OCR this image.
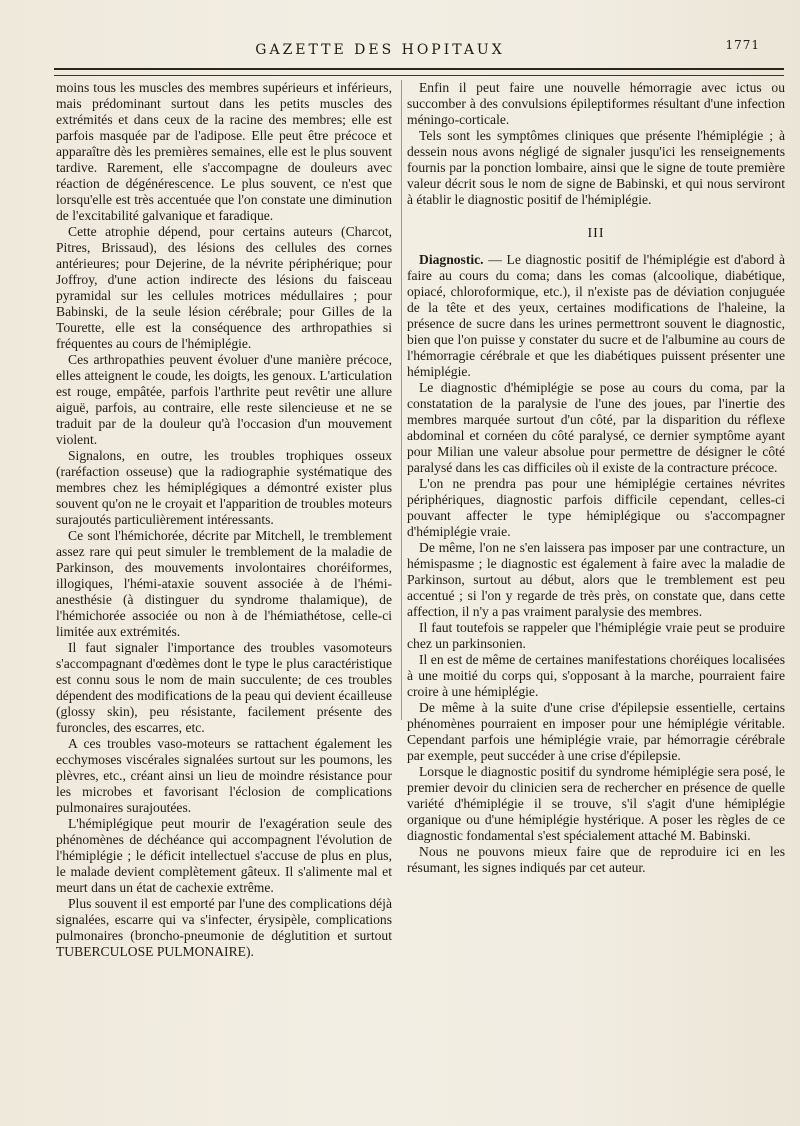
GAZETTE DES HOPITAUX	1771

moins tous les muscles des membres supérieurs et inférieurs, mais prédominant surtout dans les petits muscles des extrémités et dans ceux de la racine des membres; elle est parfois masquée par de l'adipose. Elle peut être précoce et apparaître dès les premières semaines, elle est le plus souvent tardive. Rarement, elle s'accompagne de douleurs avec réaction de dégénérescence. Le plus souvent, ce n'est que lorsqu'elle est très accentuée que l'on constate une diminution de l'excitabilité galvanique et faradique.

Cette atrophie dépend, pour certains auteurs (Charcot, Pitres, Brissaud), des lésions des cellules des cornes antérieures; pour Dejerine, de la névrite périphérique; pour Joffroy, d'une action indirecte des lésions du faisceau pyramidal sur les cellules motrices médullaires ; pour Babinski, de la seule lésion cérébrale; pour Gilles de la Tourette, elle est la conséquence des arthropathies si fréquentes au cours de l'hémiplégie.

Ces arthropathies peuvent évoluer d'une manière précoce, elles atteignent le coude, les doigts, les genoux. L'articulation est rouge, empâtée, parfois l'arthrite peut revêtir une allure aiguë, parfois, au contraire, elle reste silencieuse et ne se traduit par de la douleur qu'à l'occasion d'un mouvement violent.

Signalons, en outre, les troubles trophiques osseux (raréfaction osseuse) que la radiographie systématique des membres chez les hémiplégiques a démontré exister plus souvent qu'on ne le croyait et l'apparition de troubles moteurs surajoutés particulièrement intéressants.

Ce sont l'hémichorée, décrite par Mitchell, le tremblement assez rare qui peut simuler le tremblement de la maladie de Parkinson, des mouvements involontaires choréiformes, illogiques, l'hémi-ataxie souvent associée à de l'hémi-anesthésie (à distinguer du syndrome thalamique), de l'hémichorée associée ou non à de l'hémiathétose, celle-ci limitée aux extrémités.

Il faut signaler l'importance des troubles vasomoteurs s'accompagnant d'œdèmes dont le type le plus caractéristique est connu sous le nom de main succulente; de ces troubles dépendent des modifications de la peau qui devient écailleuse (glossy skin), peu résistante, facilement présente des furoncles, des escarres, etc.

A ces troubles vaso-moteurs se rattachent également les ecchymoses viscérales signalées surtout sur les poumons, les plèvres, etc., créant ainsi un lieu de moindre résistance pour les microbes et favorisant l'éclosion de complications pulmonaires surajoutées.

L'hémiplégique peut mourir de l'exagération seule des phénomènes de déchéance qui accompagnent l'évolution de l'hémiplégie ; le déficit intellectuel s'accuse de plus en plus, le malade devient complètement gâteux. Il s'alimente mal et meurt dans un état de cachexie extrême.

Plus souvent il est emporté par l'une des complications déjà signalées, escarre qui va s'infecter, érysipèle, complications pulmonaires (broncho-pneumonie de déglutition et surtout TUBERCULOSE PULMONAIRE).

Enfin il peut faire une nouvelle hémorragie avec ictus ou succomber à des convulsions épileptiformes résultant d'une infection méningo-corticale.

Tels sont les symptômes cliniques que présente l'hémiplégie ; à dessein nous avons négligé de signaler jusqu'ici les renseignements fournis par la ponction lombaire, ainsi que le signe de toute première valeur décrit sous le nom de signe de Babinski, et qui nous serviront à établir le diagnostic positif de l'hémiplégie.

III

Diagnostic. — Le diagnostic positif de l'hémiplégie est d'abord à faire au cours du coma; dans les comas (alcoolique, diabétique, opiacé, chloroformique, etc.), il n'existe pas de déviation conjuguée de la tête et des yeux, certaines modifications de l'haleine, la présence de sucre dans les urines permettront souvent le diagnostic, bien que l'on puisse y constater du sucre et de l'albumine au cours de l'hémorragie cérébrale et que les diabétiques puissent présenter une hémiplégie.

Le diagnostic d'hémiplégie se pose au cours du coma, par la constatation de la paralysie de l'une des joues, par l'inertie des membres marquée surtout d'un côté, par la disparition du réflexe abdominal et cornéen du côté paralysé, ce dernier symptôme ayant pour Milian une valeur absolue pour permettre de désigner le côté paralysé dans les cas difficiles où il existe de la contracture précoce.

L'on ne prendra pas pour une hémiplégie certaines névrites périphériques, diagnostic parfois difficile cependant, celles-ci pouvant affecter le type hémiplégique ou s'accompagner d'hémiplégie vraie.

De même, l'on ne s'en laissera pas imposer par une contracture, un hémispasme ; le diagnostic est également à faire avec la maladie de Parkinson, surtout au début, alors que le tremblement est peu accentué ; si l'on y regarde de très près, on constate que, dans cette affection, il n'y a pas vraiment paralysie des membres.

Il faut toutefois se rappeler que l'hémiplégie vraie peut se produire chez un parkinsonien.

Il en est de même de certaines manifestations choréiques localisées à une moitié du corps qui, s'opposant à la marche, pourraient faire croire à une hémiplégie.

De même à la suite d'une crise d'épilepsie essentielle, certains phénomènes pourraient en imposer pour une hémiplégie véritable. Cependant parfois une hémiplégie vraie, par hémorragie cérébrale par exemple, peut succéder à une crise d'épilepsie.

Lorsque le diagnostic positif du syndrome hémiplégie sera posé, le premier devoir du clinicien sera de rechercher en présence de quelle variété d'hémiplégie il se trouve, s'il s'agit d'une hémiplégie organique ou d'une hémiplégie hystérique. A poser les règles de ce diagnostic fondamental s'est spécialement attaché M. Babinski.

Nous ne pouvons mieux faire que de reproduire ici en les résumant, les signes indiqués par cet auteur.
